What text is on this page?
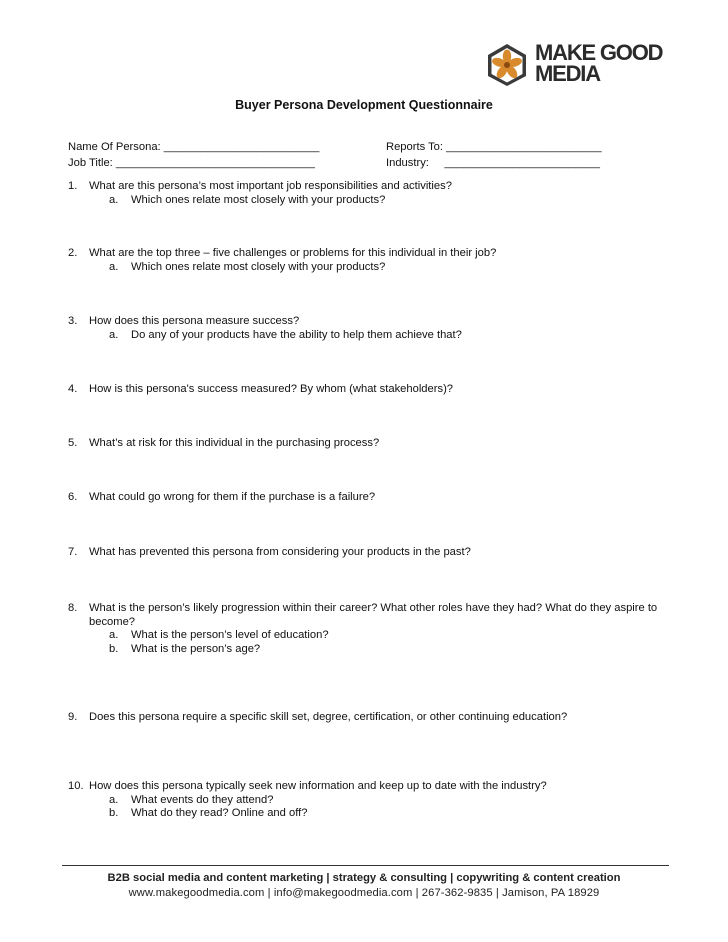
MAKE GOOD
MEDIA
Buyer Persona Development Questionnaire
Name Of Persona: _________________________	Reports To: _________________________
Job Title: ________________________________	Industry:     _________________________
1. What are this persona’s most important job responsibilities and activities?
a. Which ones relate most closely with your products?
2. What are the top three – five challenges or problems for this individual in their job?
a. Which ones relate most closely with your products?
3. How does this persona measure success?
a. Do any of your products have the ability to help them achieve that?
4. How is this persona's success measured? By whom (what stakeholders)?
5. What’s at risk for this individual in the purchasing process?
6. What could go wrong for them if the purchase is a failure?
7. What has prevented this persona from considering your products in the past?
8. What is the person’s likely progression within their career? What other roles have they had? What do they aspire to become?
a. What is the person’s level of education?
b. What is the person’s age?
9. Does this persona require a specific skill set, degree, certification, or other continuing education?
10. How does this persona typically seek new information and keep up to date with the industry?
a. What events do they attend?
b. What do they read? Online and off?
B2B social media and content marketing | strategy & consulting | copywriting & content creation
www.makegoodmedia.com | info@makegoodmedia.com | 267-362-9835 | Jamison, PA 18929
